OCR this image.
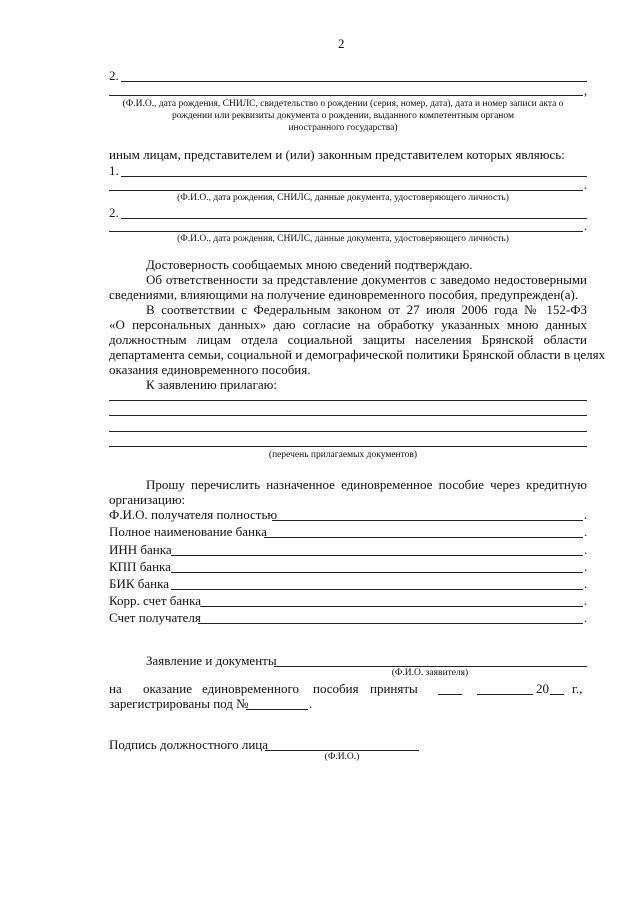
2
2.
,
(Ф.И.О., дата рождения, СНИЛС, свидетельство о рождении (серия, номер, дата), дата и номер записи акта о
рождении или реквизиты документа о рождении, выданного компетентным органом
иностранного государства)
иным лицам, представителем и (или) законным представителем которых являюсь:
1.
.
(Ф.И.О., дата рождения, СНИЛС, данные документа, удостоверяющего личность)
2.
.
(Ф.И.О., дата рождения, СНИЛС, данные документа, удостоверяющего личность)
Достоверность сообщаемых мною сведений подтверждаю.
Об ответственности за представление документов с заведомо недостоверными
сведениями, влияющими на получение единовременного пособия, предупрежден(а).
В соответствии с Федеральным законом от 27 июля 2006 года № 152-ФЗ
«О персональных данных» даю согласие на обработку указанных мною данных
должностным лицам отдела социальной защиты населения Брянской области
департамента семьи, социальной и демографической политики Брянской области в целях
оказания единовременного пособия.
К заявлению прилагаю:
(перечень прилагаемых документов)
Прошу перечислить назначенное единовременное пособие через кредитную
организацию:
Ф.И.О. получателя полностью	.
Полное наименование банка	.
ИНН банка	.
КПП банка	.
БИК банка	.
Корр. счет банка	.
Счет получателя	.
Заявление и документы
(Ф.И.О. заявителя)
на оказание единовременного пособия приняты	20 г.,
зарегистрированы под №	.
Подпись должностного лица
(Ф.И.О.)
